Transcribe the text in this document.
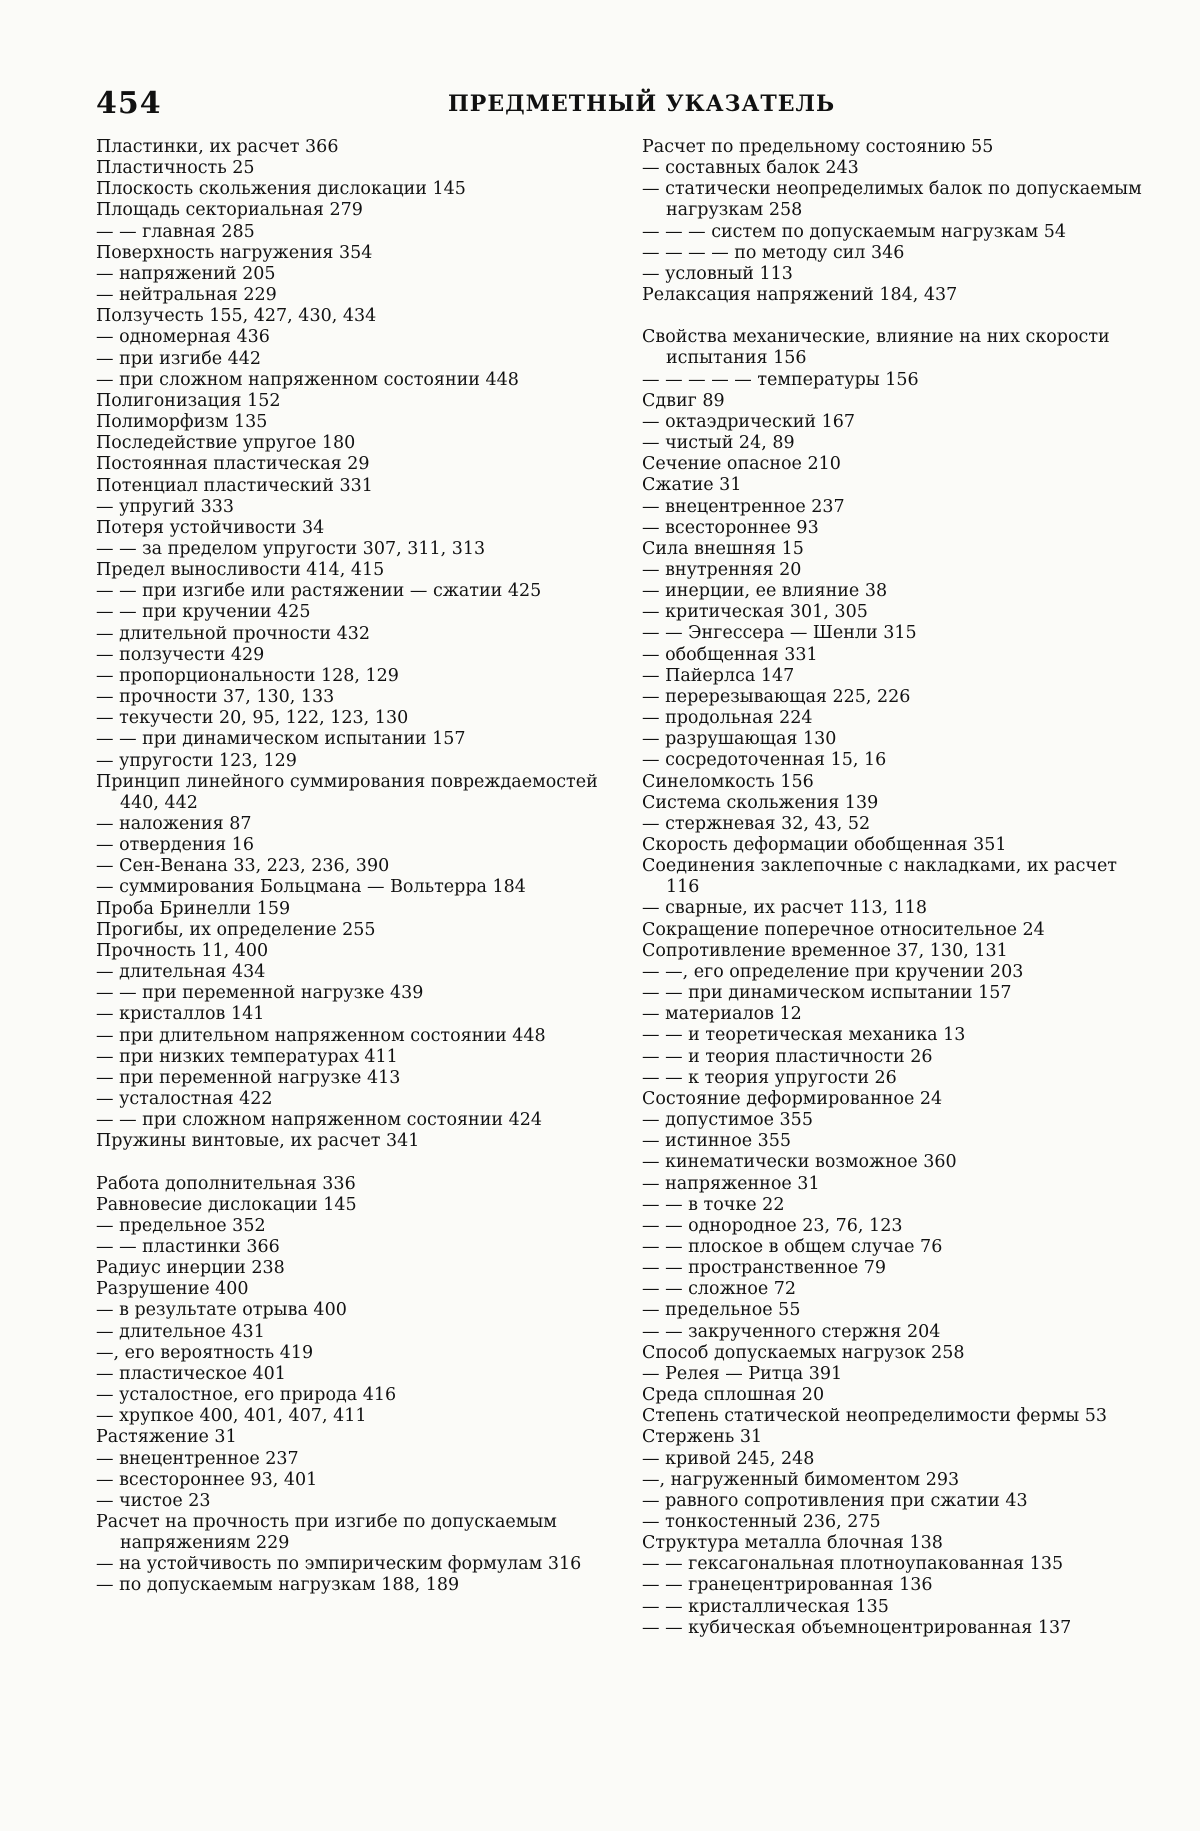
454	ПРЕДМЕТНЫЙ УКАЗАТЕЛЬ
Пластинки, их расчет 366
Пластичность 25
Плоскость скольжения дислокации 145
Площадь секториальная 279
— — главная 285
Поверхность нагружения 354
— напряжений 205
— нейтральная 229
Ползучесть 155, 427, 430, 434
— одномерная 436
— при изгибе 442
— при сложном напряженном состоянии 448
Полигонизация 152
Полиморфизм 135
Последействие упругое 180
Постоянная пластическая 29
Потенциал пластический 331
— упругий 333
Потеря устойчивости 34
— — за пределом упругости 307, 311, 313
Предел выносливости 414, 415
— — при изгибе или растяжении — сжатии 425
— — при кручении 425
— длительной прочности 432
— ползучести 429
— пропорциональности 128, 129
— прочности 37, 130, 133
— текучести 20, 95, 122, 123, 130
— — при динамическом испытании 157
— упругости 123, 129
Принцип линейного суммирования повреждаемостей 440, 442
— наложения 87
— отвердения 16
— Сен-Венана 33, 223, 236, 390
— суммирования Больцмана — Вольтерра 184
Проба Бринелли 159
Прогибы, их определение 255
Прочность 11, 400
— длительная 434
— — при переменной нагрузке 439
— кристаллов 141
— при длительном напряженном состоянии 448
— при низких температурах 411
— при переменной нагрузке 413
— усталостная 422
— — при сложном напряженном состоянии 424
Пружины винтовые, их расчет 341
Работа дополнительная 336
Равновесие дислокации 145
— предельное 352
— — пластинки 366
Радиус инерции 238
Разрушение 400
— в результате отрыва 400
— длительное 431
—, его вероятность 419
— пластическое 401
— усталостное, его природа 416
— хрупкое 400, 401, 407, 411
Растяжение 31
— внецентренное 237
— всестороннее 93, 401
— чистое 23
Расчет на прочность при изгибе по допускаемым напряжениям 229
— на устойчивость по эмпирическим формулам 316
— по допускаемым нагрузкам 188, 189
Расчет по предельному состоянию 55
— составных балок 243
— статически неопределимых балок по допускаемым нагрузкам 258
— — — систем по допускаемым нагрузкам 54
— — — — по методу сил 346
— условный 113
Релаксация напряжений 184, 437
Свойства механические, влияние на них скорости испытания 156
— — — — — температуры 156
Сдвиг 89
— октаэдрический 167
— чистый 24, 89
Сечение опасное 210
Сжатие 31
— внецентренное 237
— всестороннее 93
Сила внешняя 15
— внутренняя 20
— инерции, ее влияние 38
— критическая 301, 305
— — Энгессера — Шенли 315
— обобщенная 331
— Пайерлса 147
— перерезывающая 225, 226
— продольная 224
— разрушающая 130
— сосредоточенная 15, 16
Синеломкость 156
Система скольжения 139
— стержневая 32, 43, 52
Скорость деформации обобщенная 351
Соединения заклепочные с накладками, их расчет 116
— сварные, их расчет 113, 118
Сокращение поперечное относительное 24
Сопротивление временное 37, 130, 131
— —, его определение при кручении 203
— — при динамическом испытании 157
— материалов 12
— — и теоретическая механика 13
— — и теория пластичности 26
— — к теория упругости 26
Состояние деформированное 24
— допустимое 355
— истинное 355
— кинематически возможное 360
— напряженное 31
— — в точке 22
— — однородное 23, 76, 123
— — плоское в общем случае 76
— — пространственное 79
— — сложное 72
— предельное 55
— — закрученного стержня 204
Способ допускаемых нагрузок 258
— Релея — Ритца 391
Среда сплошная 20
Степень статической неопределимости фермы 53
Стержень 31
— кривой 245, 248
—, нагруженный бимоментом 293
— равного сопротивления при сжатии 43
— тонкостенный 236, 275
Структура металла блочная 138
— — гексагональная плотноупакованная 135
— — гранецентрированная 136
— — кристаллическая 135
— — кубическая объемноцентрированная 137
